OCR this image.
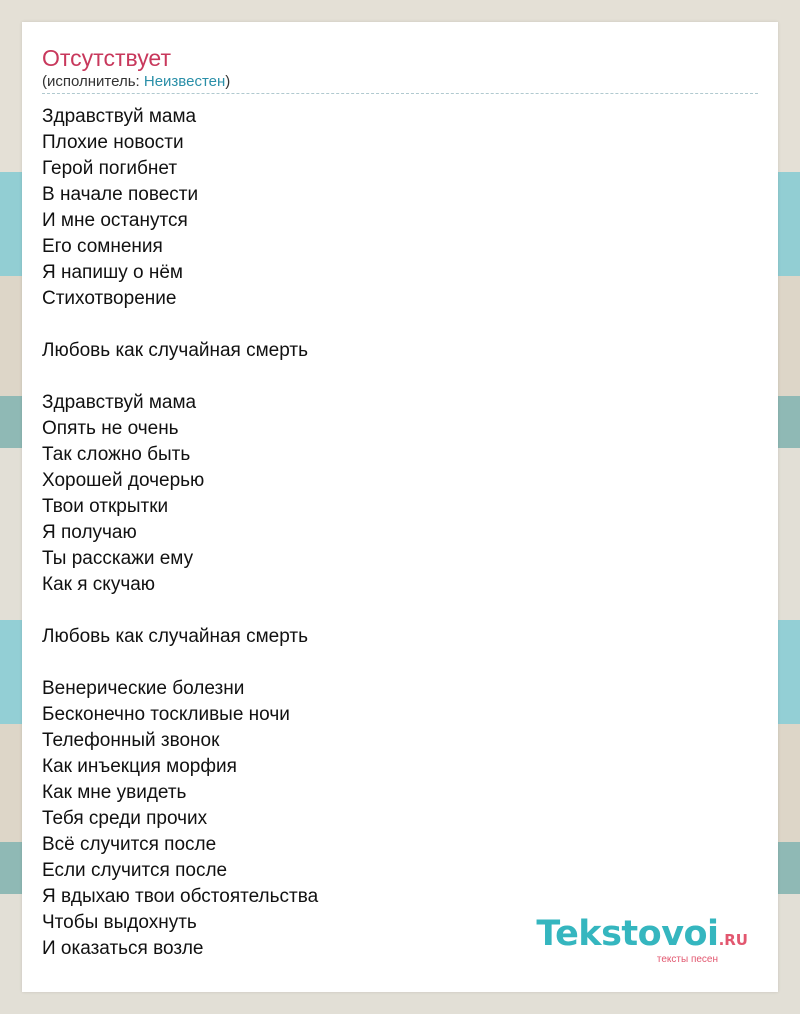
Отсутствует
(исполнитель: Неизвестен)
Здравствуй мама
Плохие новости
Герой погибнет
В начале повести
И мне останутся
Его сомнения
Я напишу о нём
Стихотворение
Любовь как случайная смерть
Здравствуй мама
Опять не очень
Так сложно быть
Хорошей дочерью
Твои открытки
Я получаю
Ты расскажи ему
Как я скучаю
Любовь как случайная смерть
Венерические болезни
Бесконечно тоскливые ночи
Телефонный звонок
Как инъекция морфия
Как мне увидеть
Тебя среди прочих
Всё случится после
Если случится после
Я вдыхаю твои обстоятельства
Чтобы выдохнуть
И оказаться возле	Tekstovoi.RU
тексты песен
